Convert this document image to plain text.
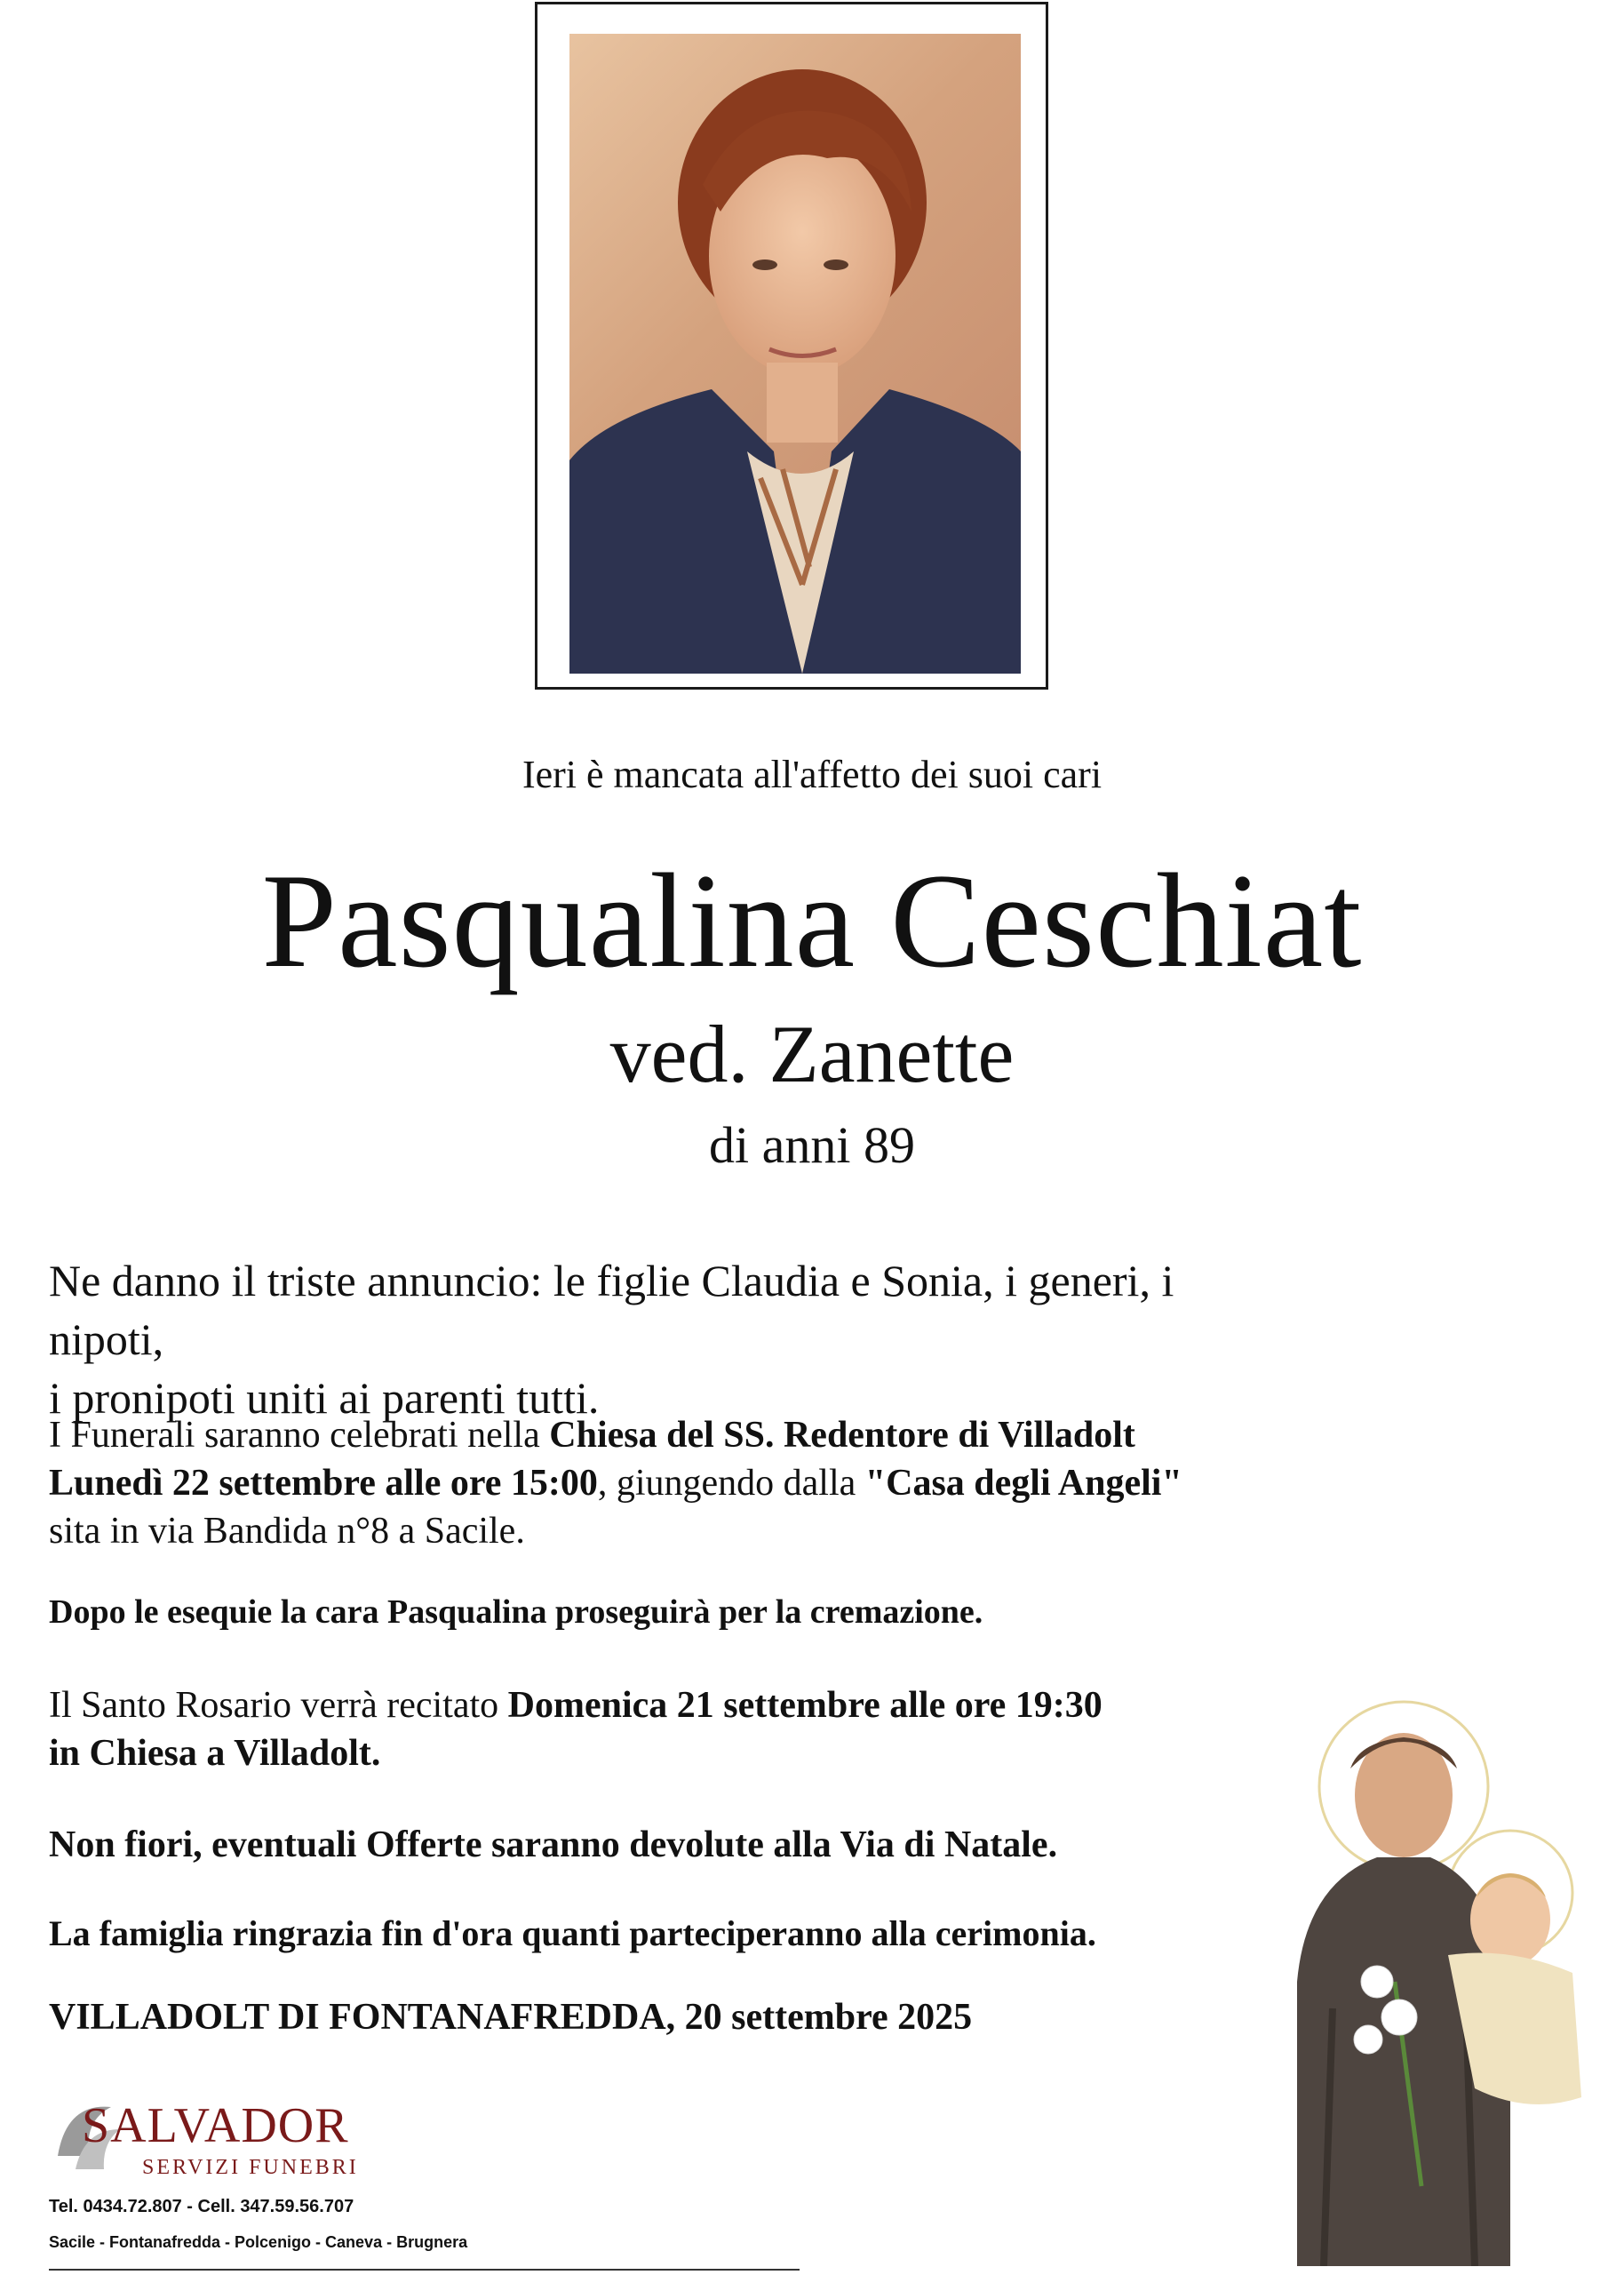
Ieri è mancata all'affetto dei suoi cari
Pasqualina Ceschiat
ved. Zanette
di anni 89
Ne danno il triste annuncio: le figlie Claudia e Sonia, i generi, i nipoti,
i pronipoti uniti ai parenti tutti.
I Funerali saranno celebrati nella Chiesa del SS. Redentore di Villadolt
Lunedì 22 settembre alle ore 15:00, giungendo dalla "Casa degli Angeli"
sita in via Bandida n°8 a Sacile.
Dopo le esequie la cara Pasqualina proseguirà per la cremazione.
Il Santo Rosario verrà recitato Domenica 21 settembre alle ore 19:30
in Chiesa a Villadolt.
Non fiori, eventuali Offerte saranno devolute alla Via di Natale.
La famiglia ringrazia fin d'ora quanti parteciperanno alla cerimonia.
VILLADOLT DI FONTANAFREDDA, 20 settembre 2025
SALVADOR
SERVIZI FUNEBRI
Tel. 0434.72.807 - Cell. 347.59.56.707
Sacile - Fontanafredda - Polcenigo - Caneva - Brugnera
